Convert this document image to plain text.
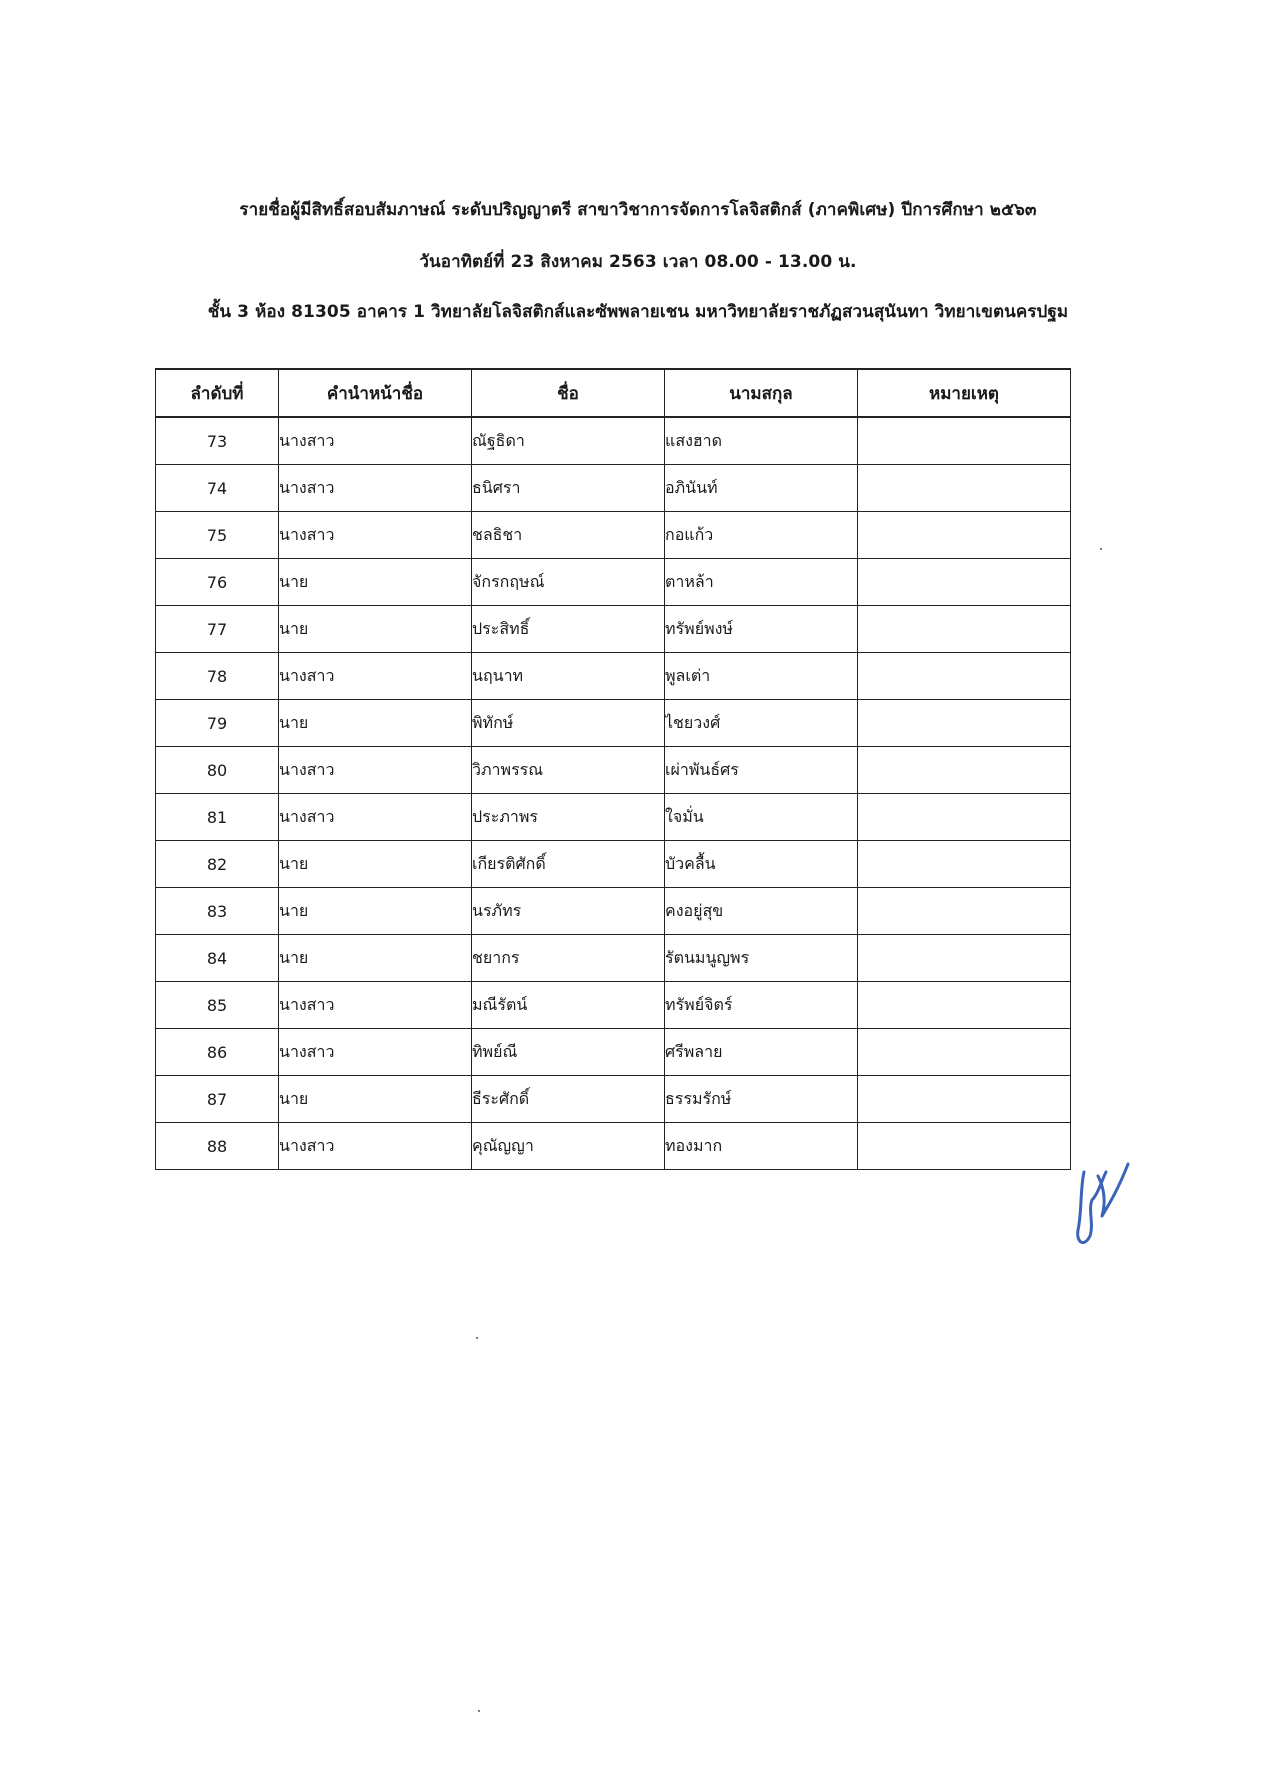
รายชื่อผู้มีสิทธิ์สอบสัมภาษณ์ ระดับปริญญาตรี สาขาวิชาการจัดการโลจิสติกส์ (ภาคพิเศษ) ปีการศึกษา ๒๕๖๓
วันอาทิตย์ที่ 23 สิงหาคม 2563 เวลา 08.00 - 13.00 น.
ชั้น 3 ห้อง 81305 อาคาร 1 วิทยาลัยโลจิสติกส์และซัพพลายเชน มหาวิทยาลัยราชภัฏสวนสุนันทา วิทยาเขตนครปฐม
ลำดับที่	คำนำหน้าชื่อ	ชื่อ	นามสกุล	หมายเหตุ
73	นางสาว	ณัฐธิดา	แสงฮาด	
74	นางสาว	ธนิศรา	อภินันท์	
75	นางสาว	ชลธิชา	กอแก้ว	
76	นาย	จักรกฤษณ์	ตาหล้า	
77	นาย	ประสิทธิ์	ทรัพย์พงษ์	
78	นางสาว	นฤนาท	พูลเต่า	
79	นาย	พิทักษ์	ไชยวงศ์	
80	นางสาว	วิภาพรรณ	เผ่าพันธ์ศร	
81	นางสาว	ประภาพร	ใจมั่น	
82	นาย	เกียรติศักดิ์	บัวคลื้น	
83	นาย	นรภัทร	คงอยู่สุข	
84	นาย	ชยากร	รัตนมนูญพร	
85	นางสาว	มณีรัตน์	ทรัพย์จิตร์	
86	นางสาว	ทิพย์ณี	ศรีพลาย	
87	นาย	ธีระศักดิ์	ธรรมรักษ์	
88	นางสาว	คุณัญญา	ทองมาก	
